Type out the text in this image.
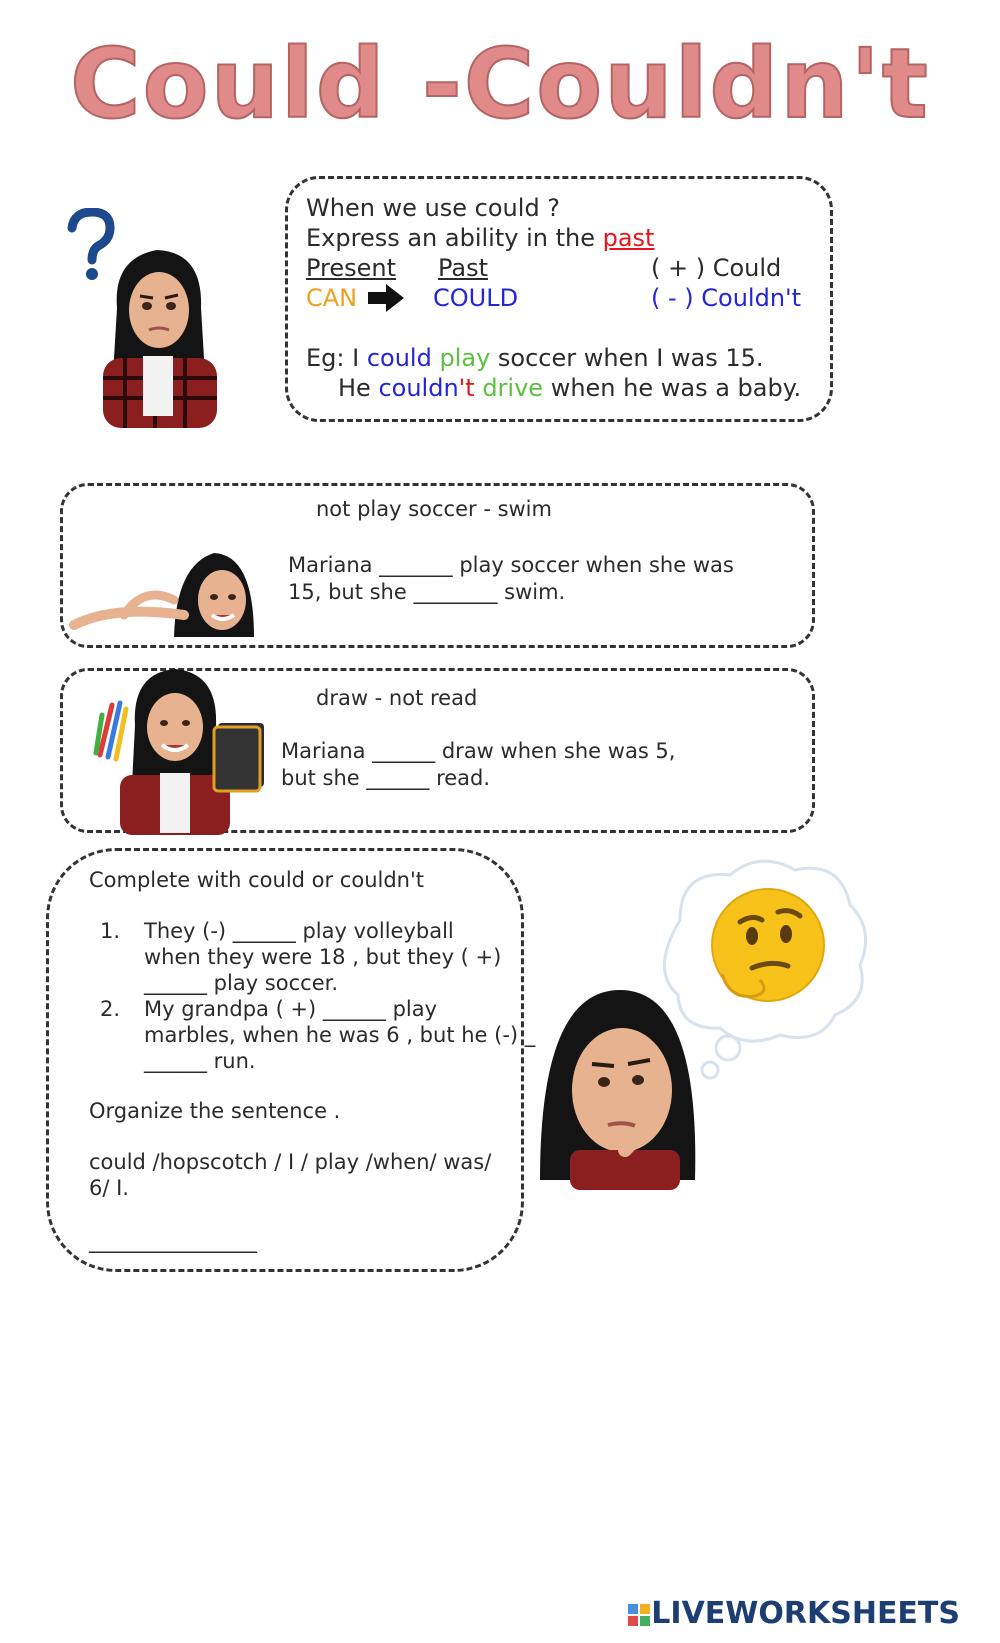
Could -Couldn't
When we use could ?
Express an ability in the past
Present Past	( + ) Could
CAN	COULD	( - ) Couldn't
Eg: I could play soccer when I was 15.
He couldn't drive when he was a baby.
not play soccer - swim
Mariana _______ play soccer when she was
15, but she ________ swim.
draw - not read
Mariana ______ draw when she was 5,
but she ______ read.
Complete with could or couldn't
1. They (-) ______ play volleyball
when they were 18 , but they ( +)
______ play soccer.
2. My grandpa ( +) ______ play
marbles, when he was 6 , but he (-) _
______ run.
Organize the sentence .
could /hopscotch / I / play /when/ was/
6/ I.
________________

LIVEWORKSHEETS
